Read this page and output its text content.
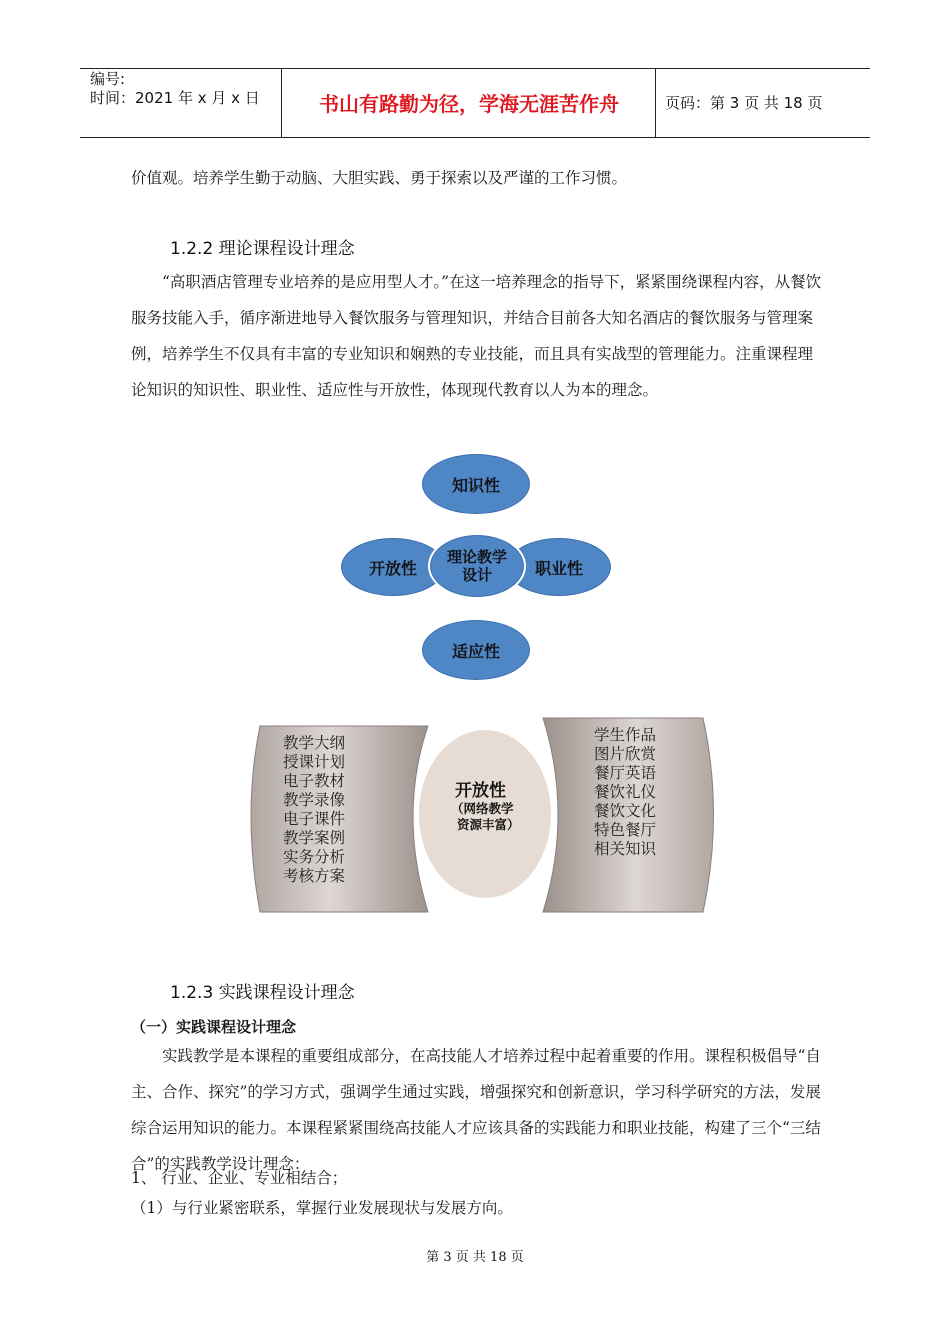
编号:
时间：2021 年 x 月 x 日	书山有路勤为径，学海无涯苦作舟	页码：第 3 页 共 18 页
价值观。培养学生勤于动脑、大胆实践、勇于探索以及严谨的工作习惯。
1.2.2 理论课程设计理念
“高职酒店管理专业培养的是应用型人才。”在这一培养理念的指导下，紧紧围绕课程内容，从餐饮服务技能入手，循序渐进地导入餐饮服务与管理知识，并结合目前各大知名酒店的餐饮服务与管理案例，培养学生不仅具有丰富的专业知识和娴熟的专业技能，而且具有实战型的管理能力。注重课程理论知识的知识性、职业性、适应性与开放性，体现现代教育以人为本的理念。
知识性
开放性	职业性
适应性
理论教学
设计
教学大纲
授课计划
电子教材
教学录像
电子课件
教学案例
实务分析
考核方案
学生作品
图片欣赏
餐厅英语
餐饮礼仪
餐饮文化
特色餐厅
相关知识
开放性
（网络教学
资源丰富）
1.2.3 实践课程设计理念
（一）实践课程设计理念
实践教学是本课程的重要组成部分，在高技能人才培养过程中起着重要的作用。课程积极倡导“自主、合作、探究”的学习方式，强调学生通过实践，增强探究和创新意识，学习科学研究的方法，发展综合运用知识的能力。本课程紧紧围绕高技能人才应该具备的实践能力和职业技能，构建了三个“三结合”的实践教学设计理念：
1、 行业、企业、专业相结合；
（1）与行业紧密联系，掌握行业发展现状与发展方向。
第 3 页 共 18 页
